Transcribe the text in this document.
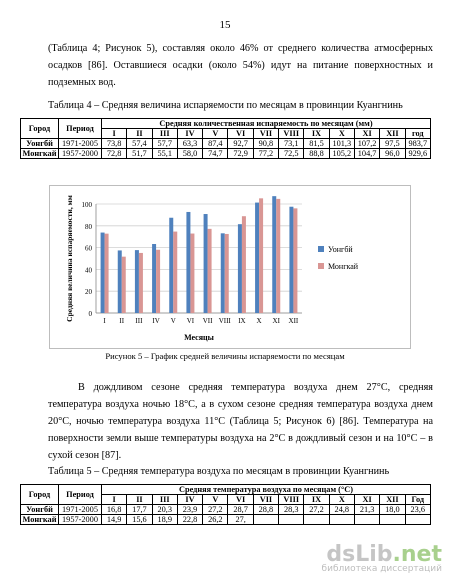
15

(Таблица 4; Рисунок 5), составляя около 46% от среднего количества атмосферных осадков [86]. Оставшиеся осадки (около 54%) идут на питание поверхностных и подземных вод.

Таблица 4 – Средняя величина испаряемости по месяцам в провинции Куангнинь
Город	Период	Средняя количественная испаряемость по месяцам (мм)												
		I	II	III	IV	V	VI	VII	VIII	IX	X	XI	XII	год
Уонгбй	1971-2005	73,8	57,4	57,7	63,3	87,4	92,7	90,8	73,1	81,5	101,3	107,2	97,5	983,7
Монгкай	1957-2000	72,8	51,7	55,1	58,0	74,7	72,9	77,2	72,5	88,8	105,2	104,7	96,0	929,6
0
20
40
60
80
100
I II III IV V VI VII VIII IX X XI XII
Месяцы
Средняя величина испаряемости, мм	Уонгбй
Монгкай
Рисунок 5 – График средней величины испаряемости по месяцам

В дождливом сезоне средняя температура воздуха днем 27°C, средняя температура воздуха ночью 18°C, а в сухом сезоне средняя температура воздуха днем 20°C, ночью температура воздуха 11°C (Таблица 5; Рисунок 6) [86]. Температура на поверхности земли выше температуры воздуха на 2°C в дождливый сезон и на 10°C – в сухой сезон [87].

Таблица 5 – Средняя температура воздуха по месяцам в провинции Куангнинь
Город	Период	Средняя температура воздуха по месяцам (°C)												
		I	II	III	IV	V	VI	VII	VIII	IX	X	XI	XII	Год
Уонгбй	1971-2005	16,8	17,7	20,3	23,9	27,2	28,7	28,8	28,3	27,2	24,8	21,3	18,0	23,6
Монгкай	1957-2000	14,9	15,6	18,9	22,8	26,2	27,							
dsLib.net
библиотека диссертаций
